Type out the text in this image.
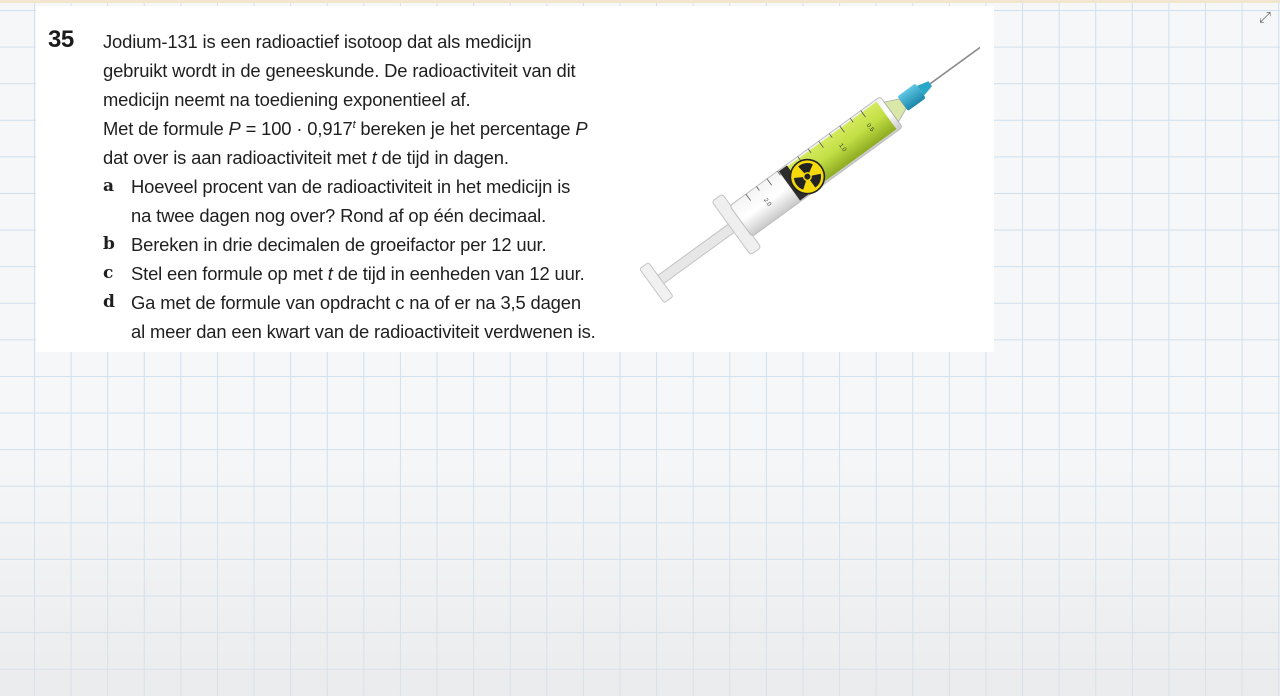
35 Jodium-131 is een radioactief isotoop dat als medicijn

gebruikt wordt in de geneeskunde. De radioactiviteit van dit

medicijn neemt na toediening exponentieel af.

Met de formule $P = 100 \cdot 0,917^t$ bereken je het percentage P

dat over is aan radioactiviteit met t de tijd in dagen.

a Hoeveel procent van de radioactiviteit in het medicijn is
na twee dagen nog over? Rond af op één decimaal.
b Bereken in drie decimalen de groeifactor per 12 uur.
c Stel een formule op met t de tijd in eenheden van 12 uur.
d Ga met de formule van opdracht c na of er na 3,5 dagen
al meer dan een kwart van de radioactiviteit verdwenen is.
2.0
1.0
0.5
⤢
